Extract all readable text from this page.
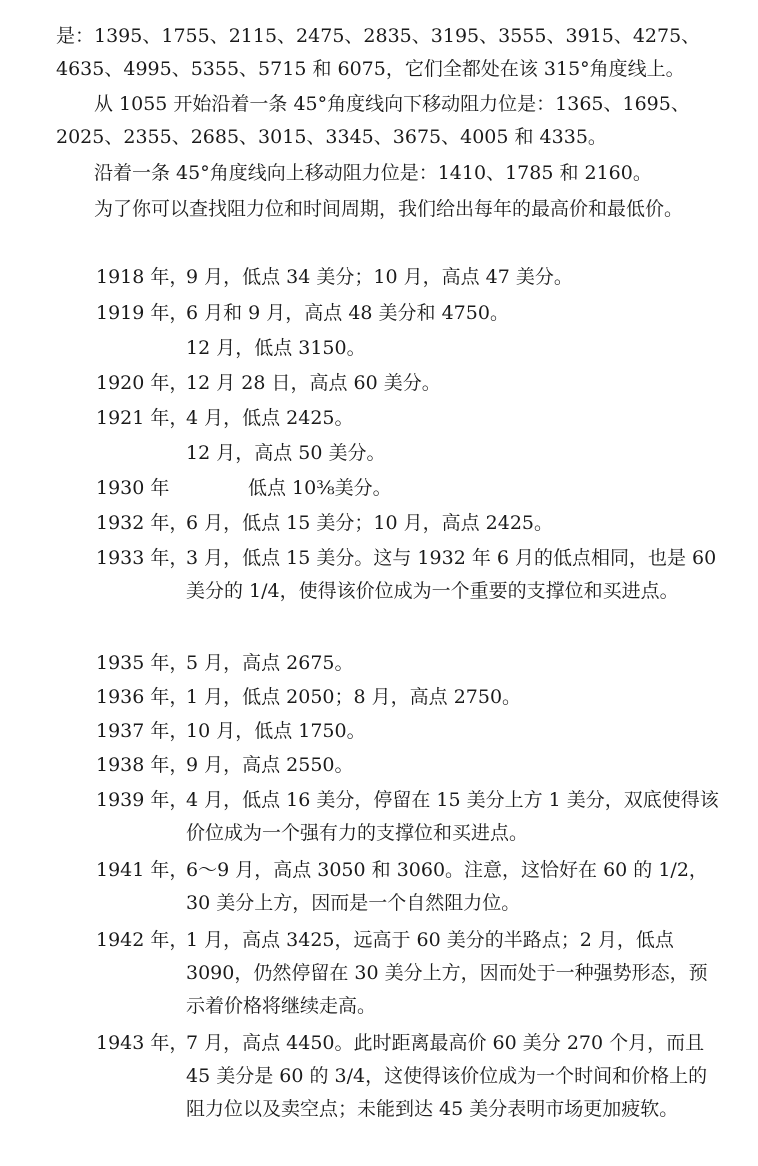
是：1395、1755、2115、2475、2835、3195、3555、3915、4275、4635、4995、5355、5715 和 6075，它们全都处在该 315°角度线上。

从 1055 开始沿着一条 45°角度线向下移动阻力位是：1365、1695、2025、2355、2685、3015、3345、3675、4005 和 4335。

沿着一条 45°角度线向上移动阻力位是：1410、1785 和 2160。

为了你可以查找阻力位和时间周期，我们给出每年的最高价和最低价。

1918 年，
9 月，低点 34 美分；10 月，高点 47 美分。
1919 年，
6 月和 9 月，高点 48 美分和 4750。
12 月，低点 3150。
1920 年，
12 月 28 日，高点 60 美分。
1921 年，
4 月，低点 2425。
12 月，高点 50 美分。
1930 年	低点 10⅜美分。
1932 年，
6 月，低点 15 美分；10 月，高点 2425。
1933 年，
3 月，低点 15 美分。这与 1932 年 6 月的低点相同，也是 60 美分的 1/4，使得该价位成为一个重要的支撑位和买进点。
1935 年，
5 月，高点 2675。
1936 年，
1 月，低点 2050；8 月，高点 2750。
1937 年，
10 月，低点 1750。
1938 年，
9 月，高点 2550。
1939 年，
4 月，低点 16 美分，停留在 15 美分上方 1 美分，双底使得该价位成为一个强有力的支撑位和买进点。
1941 年，
6～9 月，高点 3050 和 3060。注意，这恰好在 60 的 1/2，30 美分上方，因而是一个自然阻力位。
1942 年，
1 月，高点 3425，远高于 60 美分的半路点；2 月，低点 3090，仍然停留在 30 美分上方，因而处于一种强势形态，预示着价格将继续走高。
1943 年，
7 月，高点 4450。此时距离最高价 60 美分 270 个月，而且 45 美分是 60 的 3/4，这使得该价位成为一个时间和价格上的阻力位以及卖空点；未能到达 45 美分表明市场更加疲软。
